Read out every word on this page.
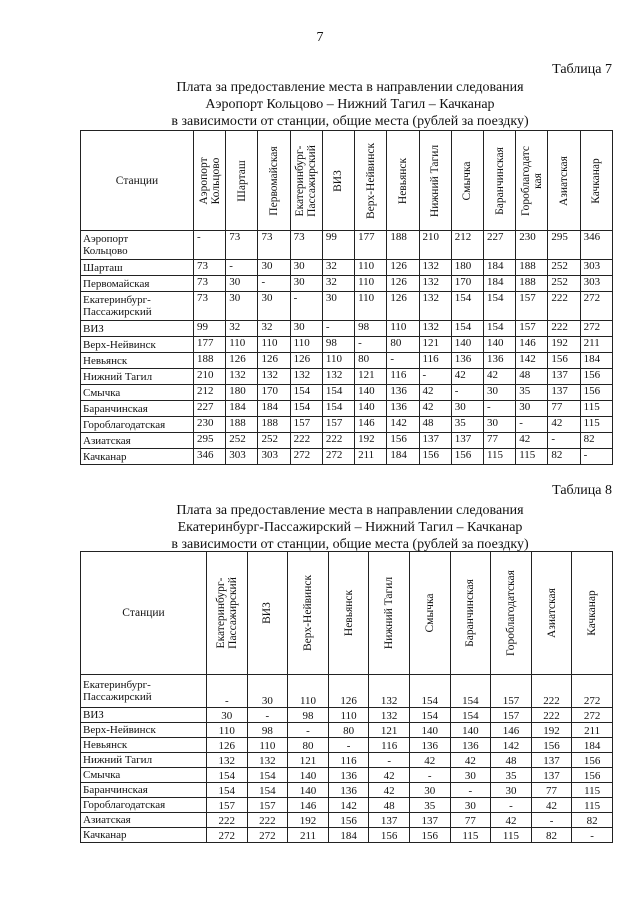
7
Таблица 7
Плата за предоставление места в направлении следования
Аэропорт Кольцово – Нижний Тагил – Качканар
в зависимости от станции, общие места (рублей за поездку)
Станции	Аэропорт
Кольцово	Шарташ	Первомайская	Екатеринбург-
Пассажирский	ВИЗ	Верх-Нейвинск	Невьянск	Нижний Тагил	Смычка	Баранчинская	Гороблагодатс
кая	Азиатская	Качканар

Аэропорт
Кольцово	-	73	73	73	99	177	188	210	212	227	230	295	346
Шарташ	73	-	30	30	32	110	126	132	180	184	188	252	303
Первомайская	73	30	-	30	32	110	126	132	170	184	188	252	303
Екатеринбург-
Пассажирский	73	30	30	-	30	110	126	132	154	154	157	222	272
ВИЗ	99	32	32	30	-	98	110	132	154	154	157	222	272
Верх-Нейвинск	177	110	110	110	98	-	80	121	140	140	146	192	211
Невьянск	188	126	126	126	110	80	-	116	136	136	142	156	184
Нижний Тагил	210	132	132	132	132	121	116	-	42	42	48	137	156
Смычка	212	180	170	154	154	140	136	42	-	30	35	137	156
Баранчинская	227	184	184	154	154	140	136	42	30	-	30	77	115
Гороблагодатская	230	188	188	157	157	146	142	48	35	30	-	42	115
Азиатская	295	252	252	222	222	192	156	137	137	77	42	-	82
Качканар	346	303	303	272	272	211	184	156	156	115	115	82	-
Таблица 8
Плата за предоставление места в направлении следования
Екатеринбург-Пассажирский – Нижний Тагил – Качканар
в зависимости от станции, общие места (рублей за поездку)
Станции	Екатеринбург-
Пассажирский	ВИЗ	Верх-Нейвинск	Невьянск	Нижний Тагил	Смычка	Баранчинская	Гороблагодатская	Азиатская	Качканар

Екатеринбург-
Пассажирский	-	30	110	126	132	154	154	157	222	272
ВИЗ	30	-	98	110	132	154	154	157	222	272
Верх-Нейвинск	110	98	-	80	121	140	140	146	192	211
Невьянск	126	110	80	-	116	136	136	142	156	184
Нижний Тагил	132	132	121	116	-	42	42	48	137	156
Смычка	154	154	140	136	42	-	30	35	137	156
Баранчинская	154	154	140	136	42	30	-	30	77	115
Гороблагодатская	157	157	146	142	48	35	30	-	42	115
Азиатская	222	222	192	156	137	137	77	42	-	82
Качканар	272	272	211	184	156	156	115	115	82	-
